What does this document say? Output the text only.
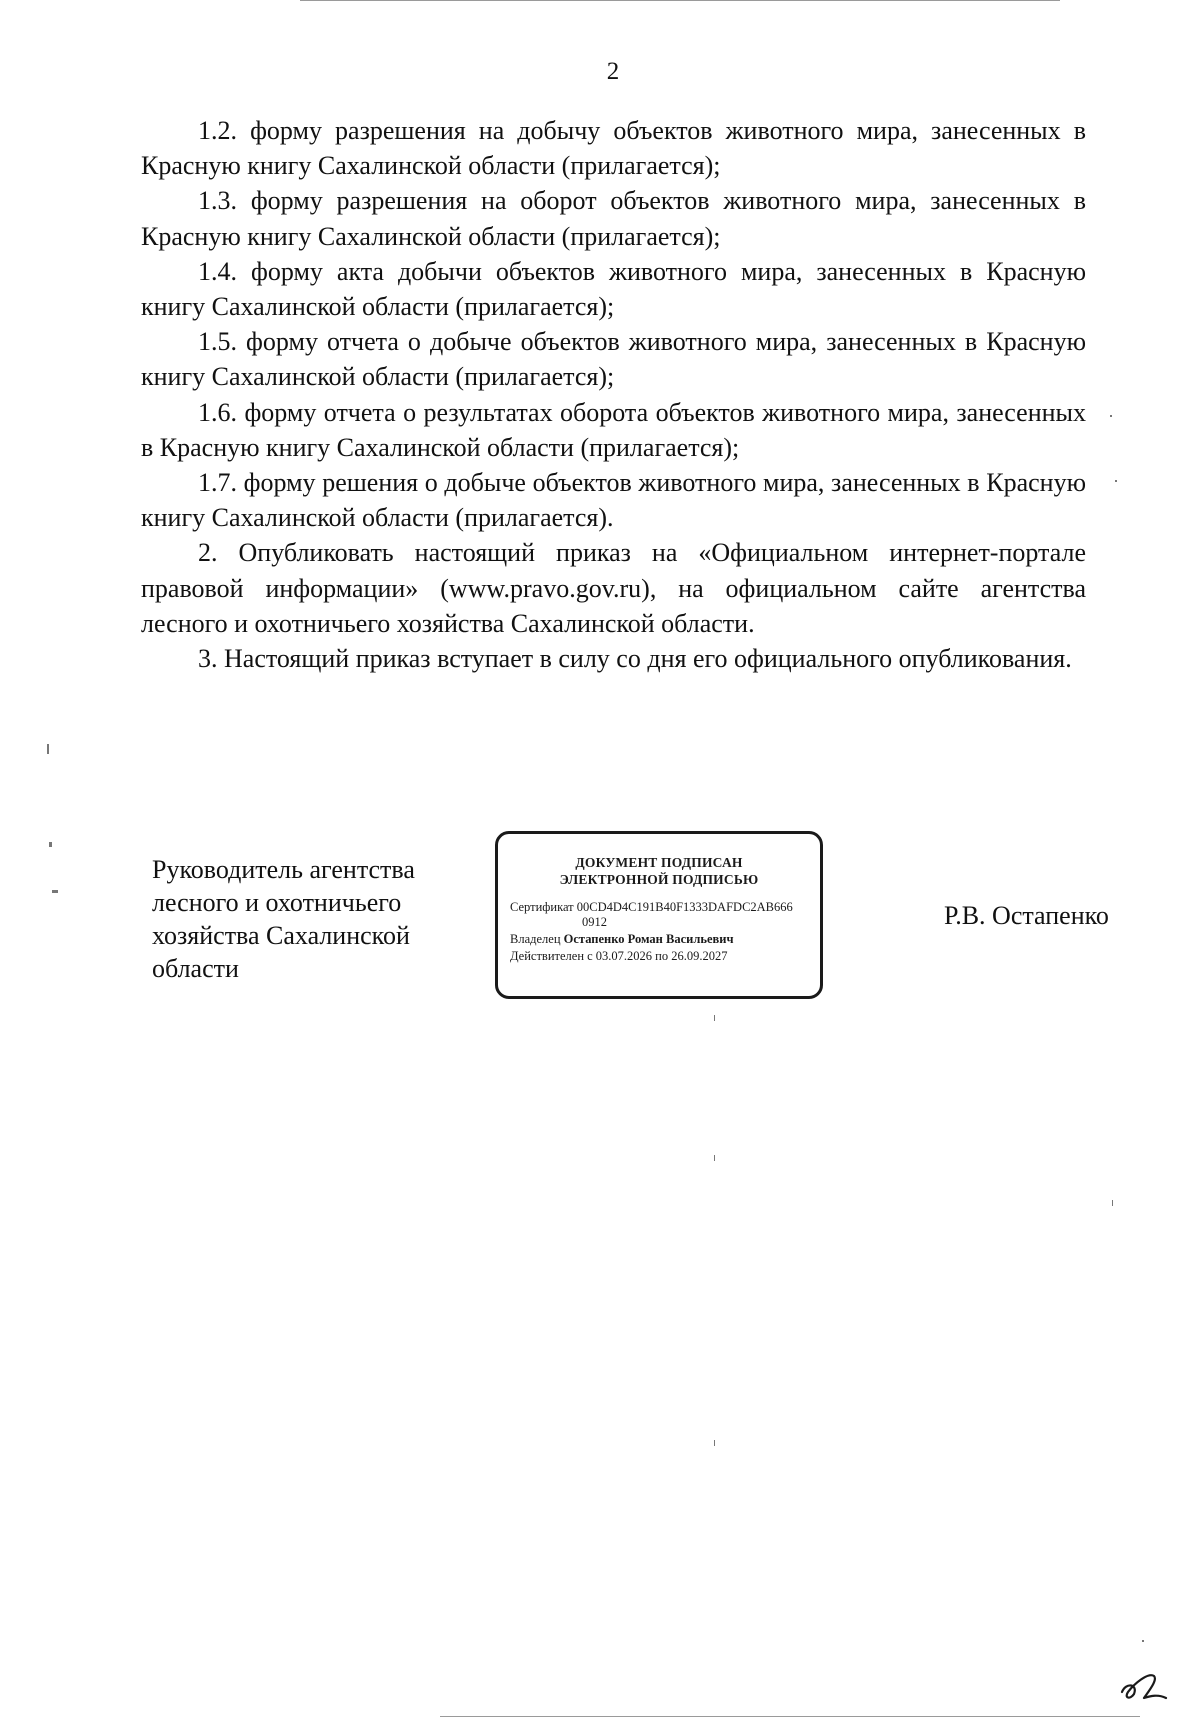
2

1.2. форму разрешения на добычу объектов животного мира, занесенных в Красную книгу Сахалинской области (прилагается);

1.3. форму разрешения на оборот объектов животного мира, занесенных в Красную книгу Сахалинской области (прилагается);

1.4. форму акта добычи объектов животного мира, занесенных в Красную книгу Сахалинской области (прилагается);

1.5. форму отчета о добыче объектов животного мира, занесенных в Красную книгу Сахалинской области (прилагается);

1.6. форму отчета о результатах оборота объектов животного мира, занесенных в Красную книгу Сахалинской области (прилагается);

1.7. форму решения о добыче объектов животного мира, занесенных в Красную книгу Сахалинской области (прилагается).

2. Опубликовать настоящий приказ на «Официальном интернет-портале правовой информации» (www.pravo.gov.ru), на официальном сайте агентства лесного и охотничьего хозяйства Сахалинской области.

3. Настоящий приказ вступает в силу со дня его официального опубликования.

Руководитель агентства
лесного и охотничьего
хозяйства Сахалинской
области
ДОКУМЕНТ ПОДПИСАН
ЭЛЕКТРОННОЙ ПОДПИСЬЮ
Сертификат 00CD4D4C191B40F1333DAFDC2AB666
0912
Владелец Остапенко Роман Васильевич
Действителен с 03.07.2026 по 26.09.2027
Р.В. Остапенко
